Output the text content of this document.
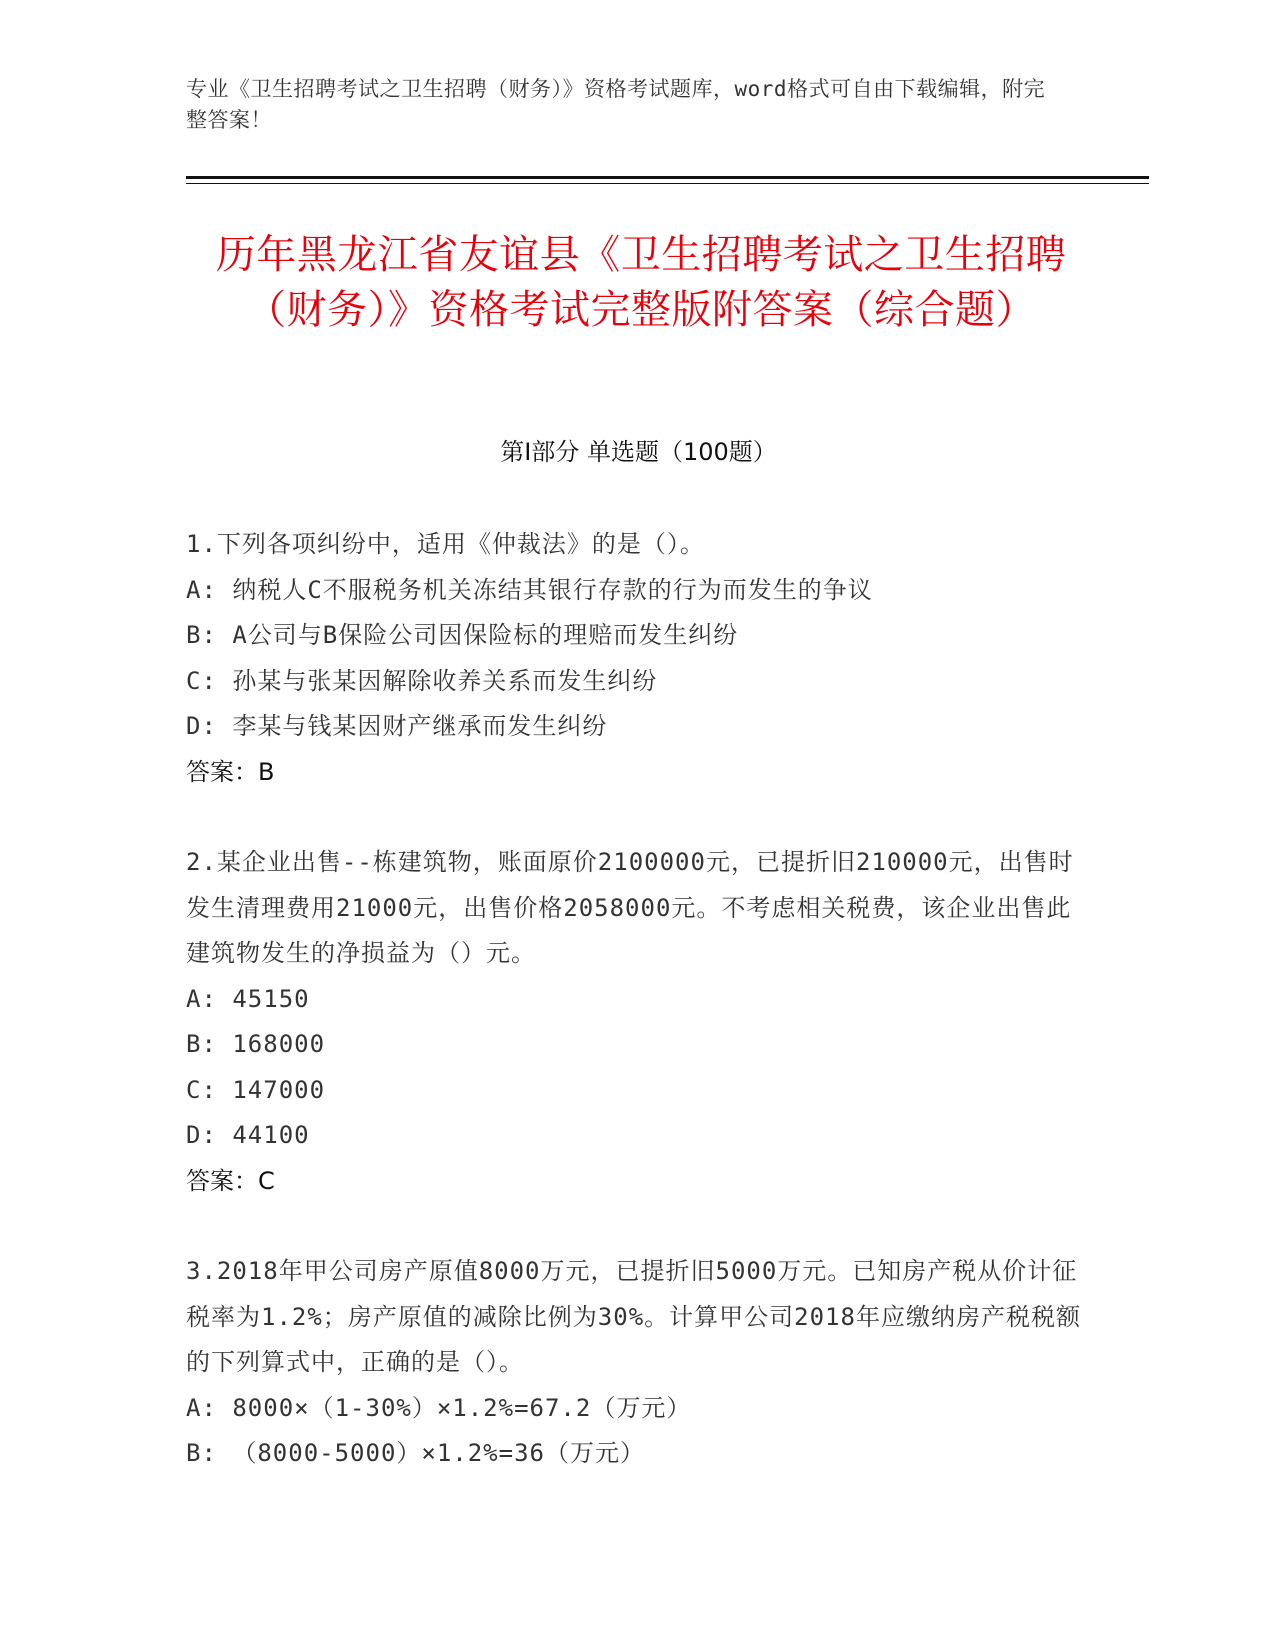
专业《卫生招聘考试之卫生招聘（财务）》资格考试题库，word格式可自由下载编辑，附完整答案！
历年黑龙江省友谊县《卫生招聘考试之卫生招聘（财务）》资格考试完整版附答案（综合题）
第Ⅰ部分 单选题（100题）
1.下列各项纠纷中，适用《仲裁法》的是（）。
A: 纳税人C不服税务机关冻结其银行存款的行为而发生的争议
B: A公司与B保险公司因保险标的理赔而发生纠纷
C: 孙某与张某因解除收养关系而发生纠纷
D: 李某与钱某因财产继承而发生纠纷
答案：B
2.某企业出售--栋建筑物，账面原价2100000元，已提折旧210000元，出售时发生清理费用21000元，出售价格2058000元。不考虑相关税费，该企业出售此建筑物发生的净损益为（）元。
A: 45150
B: 168000
C: 147000
D: 44100
答案：C
3.2018年甲公司房产原值8000万元，已提折旧5000万元。已知房产税从价计征税率为1.2%；房产原值的减除比例为30%。计算甲公司2018年应缴纳房产税税额的下列算式中，正确的是（）。
A: 8000×（1-30%）×1.2%=67.2（万元）
B: （8000-5000）×1.2%=36（万元）
